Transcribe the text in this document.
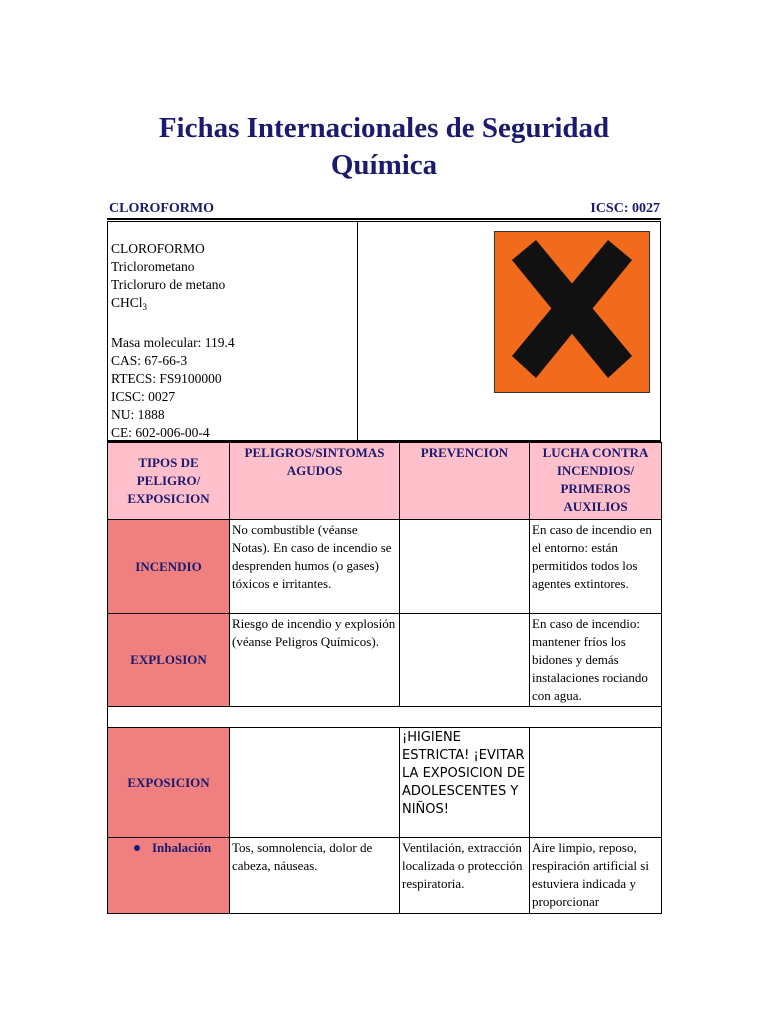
Fichas Internacionales de Seguridad
Química
CLOROFORMO	ICSC: 0027
CLOROFORMO
Triclorometano
Tricloruro de metano
CHCl$_3$
Masa molecular: 119.4
CAS: 67-66-3
RTECS: FS9100000
ICSC: 0027
NU: 1888
CE: 602-006-00-4
TIPOS DE PELIGRO/ EXPOSICION	PELIGROS/SINTOMAS AGUDOS	PREVENCION	LUCHA CONTRA INCENDIOS/ PRIMEROS AUXILIOS
INCENDIO	No combustible (véanse Notas). En caso de incendio se desprenden humos (o gases) tóxicos e irritantes.		En caso de incendio en el entorno: están permitidos todos los agentes extintores.
EXPLOSION	Riesgo de incendio y explosión (véanse Peligros Químicos).		En caso de incendio: mantener fríos los bidones y demás instalaciones rociando con agua.

EXPOSICION		¡HIGIENE ESTRICTA! ¡EVITAR LA EXPOSICION DE ADOLESCENTES Y NIÑOS!	
Inhalación	Tos, somnolencia, dolor de cabeza, náuseas.	Ventilación, extracción localizada o protección respiratoria.	Aire limpio, reposo, respiración artificial si estuviera indicada y proporcionar
